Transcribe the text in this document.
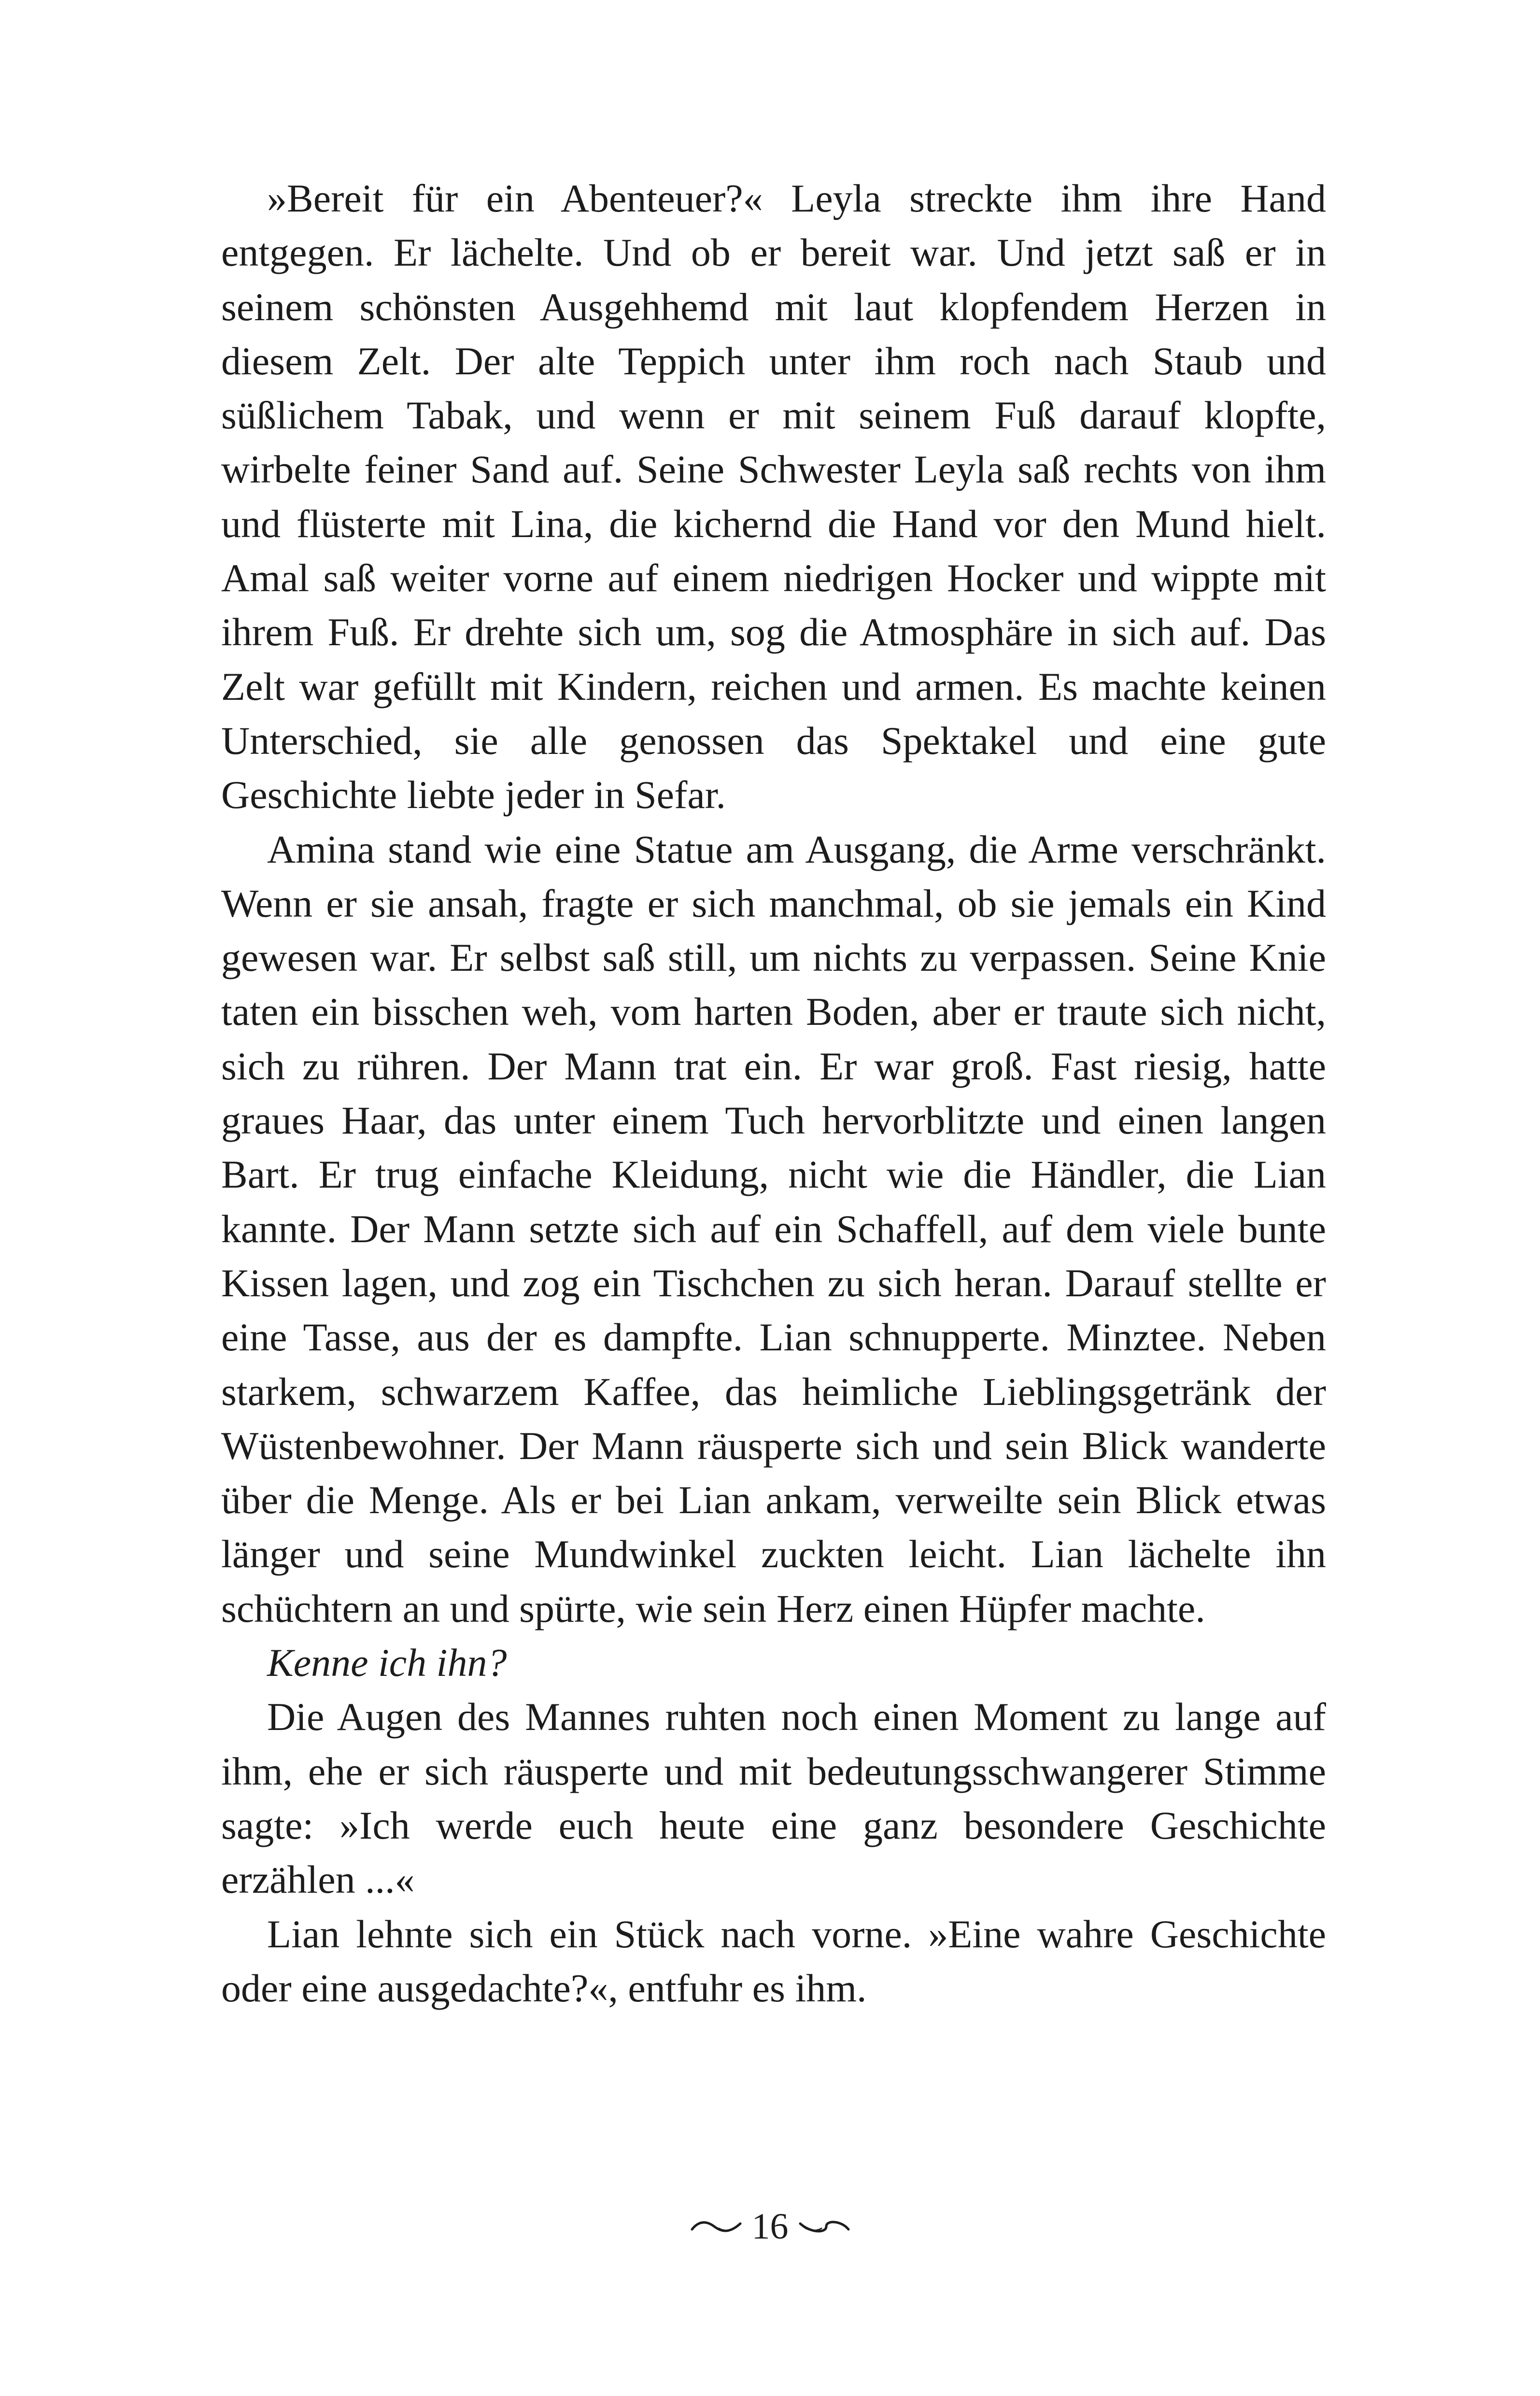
»Bereit für ein Abenteuer?« Leyla streckte ihm ihre Hand entgegen. Er lächelte. Und ob er bereit war. Und jetzt saß er in seinem schönsten Ausgehhemd mit laut klopfendem Herzen in diesem Zelt. Der alte Teppich unter ihm roch nach Staub und süßlichem Tabak, und wenn er mit seinem Fuß darauf klopfte, wirbelte feiner Sand auf. Seine Schwester Leyla saß rechts von ihm und flüsterte mit Lina, die kichernd die Hand vor den Mund hielt. Amal saß weiter vorne auf einem niedrigen Hocker und wippte mit ihrem Fuß. Er drehte sich um, sog die Atmosphäre in sich auf. Das Zelt war gefüllt mit Kindern, reichen und armen. Es machte keinen Unterschied, sie alle genossen das Spektakel und eine gute Geschichte liebte jeder in Sefar.

Amina stand wie eine Statue am Ausgang, die Arme verschränkt. Wenn er sie ansah, fragte er sich manchmal, ob sie jemals ein Kind gewesen war. Er selbst saß still, um nichts zu verpassen. Seine Knie taten ein bisschen weh, vom harten Boden, aber er traute sich nicht, sich zu rühren. Der Mann trat ein. Er war groß. Fast riesig, hatte graues Haar, das unter einem Tuch hervorblitzte und einen langen Bart. Er trug einfache Kleidung, nicht wie die Händler, die Lian kannte. Der Mann setzte sich auf ein Schaffell, auf dem viele bunte Kissen lagen, und zog ein Tischchen zu sich heran. Darauf stellte er eine Tasse, aus der es dampfte. Lian schnupperte. Minztee. Neben starkem, schwarzem Kaffee, das heimliche Lieblingsgetränk der Wüstenbewohner. Der Mann räusperte sich und sein Blick wanderte über die Menge. Als er bei Lian ankam, verweilte sein Blick etwas länger und seine Mundwinkel zuckten leicht. Lian lächelte ihn schüchtern an und spürte, wie sein Herz einen Hüpfer machte.

Kenne ich ihn?

Die Augen des Mannes ruhten noch einen Moment zu lange auf ihm, ehe er sich räusperte und mit bedeutungsschwangerer Stimme sagte: »Ich werde euch heute eine ganz besondere Geschichte erzählen ...«

Lian lehnte sich ein Stück nach vorne. »Eine wahre Geschichte oder eine ausgedachte?«, entfuhr es ihm.

16
